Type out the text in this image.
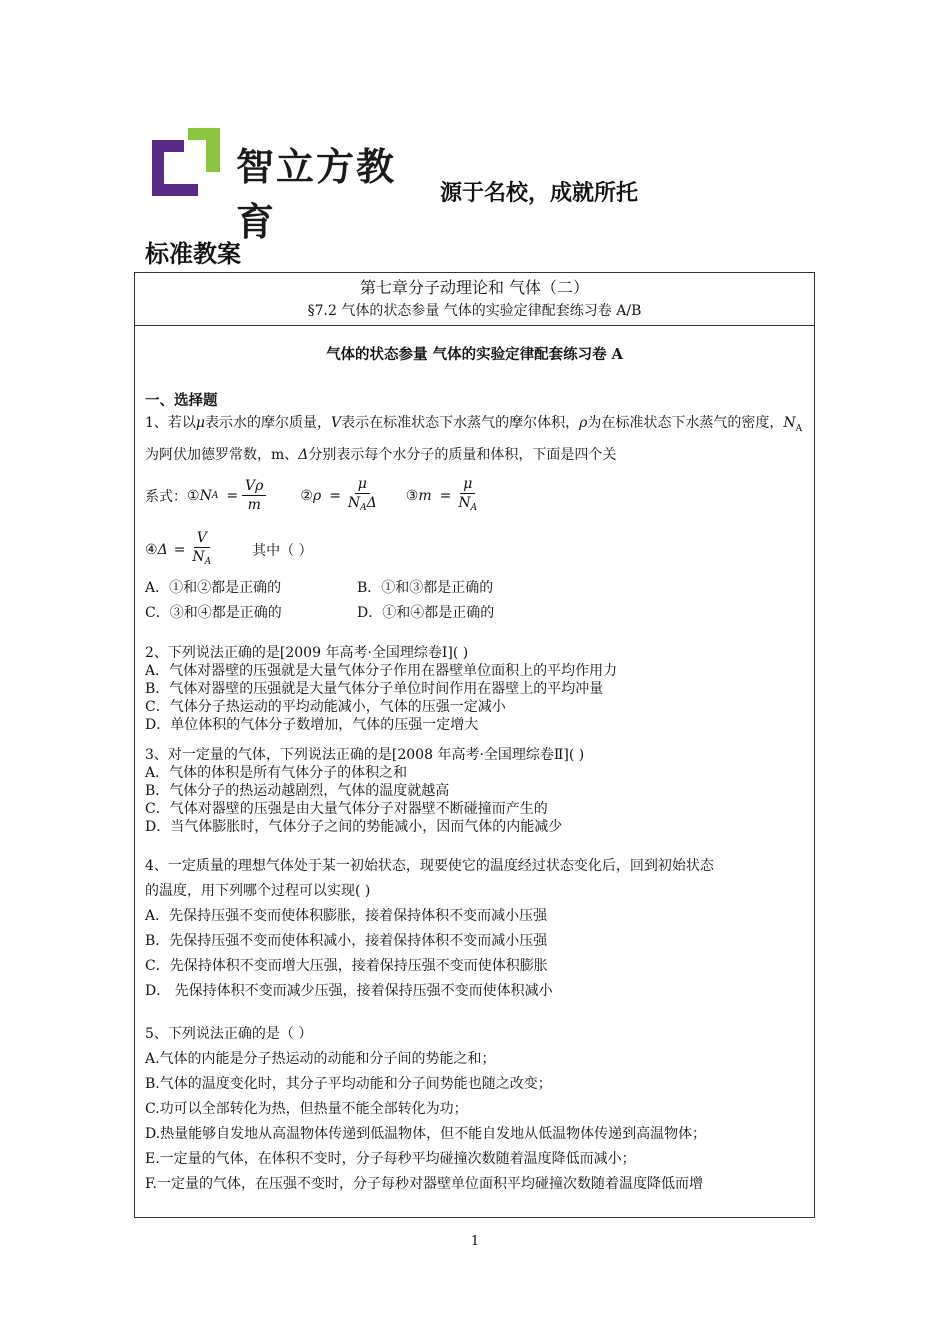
智立方教育
源于名校，成就所托
标准教案
第七章分子动理论和 气体（二）
§7.2 气体的状态参量 气体的实验定律配套练习卷 A/B
气体的状态参量 气体的实验定律配套练习卷 A
一、选择题
1、若以μ表示水的摩尔质量，V表示在标准状态下水蒸气的摩尔体积，ρ为在标准状态下水蒸气的密度，$N_A$为阿伏加德罗常数，m、Δ分别表示每个水分子的质量和体积，下面是四个关
系式： ① N $A = \frac{V\rho}{m}$ ② $\rho = \frac{\mu}{N_A\Delta}$ ③ $m = \frac{\mu}{N_A}$
④ $\Delta = \frac{V}{N_A}$	其中（ ）
A．①和②都是正确的	B．①和③都是正确的
C．③和④都是正确的	D．①和④都是正确的
2、下列说法正确的是[2009 年高考·全国理综卷Ⅰ]( )
A．气体对器壁的压强就是大量气体分子作用在器壁单位面积上的平均作用力
B．气体对器壁的压强就是大量气体分子单位时间作用在器壁上的平均冲量
C．气体分子热运动的平均动能减小，气体的压强一定减小
D．单位体积的气体分子数增加，气体的压强一定增大
3、对一定量的气体，下列说法正确的是[2008 年高考·全国理综卷Ⅱ]( )
A．气体的体积是所有气体分子的体积之和
B．气体分子的热运动越剧烈，气体的温度就越高
C．气体对器壁的压强是由大量气体分子对器壁不断碰撞而产生的
D．当气体膨胀时，气体分子之间的势能减小，因而气体的内能减少
4、一定质量的理想气体处于某一初始状态，现要使它的温度经过状态变化后，回到初始状态
的温度，用下列哪个过程可以实现( )
A．先保持压强不变而使体积膨胀，接着保持体积不变而减小压强
B．先保持压强不变而使体积减小，接着保持体积不变而减小压强
C．先保持体积不变而增大压强，接着保持压强不变而使体积膨胀
D． 先保持体积不变而减少压强，接着保持压强不变而使体积减小
5、下列说法正确的是（ ）
A.气体的内能是分子热运动的动能和分子间的势能之和；
B.气体的温度变化时，其分子平均动能和分子间势能也随之改变；
C.功可以全部转化为热，但热量不能全部转化为功；
D.热量能够自发地从高温物体传递到低温物体，但不能自发地从低温物体传递到高温物体；
E.一定量的气体，在体积不变时，分子每秒平均碰撞次数随着温度降低而减小；
F.一定量的气体，在压强不变时，分子每秒对器壁单位面积平均碰撞次数随着温度降低而增
1
